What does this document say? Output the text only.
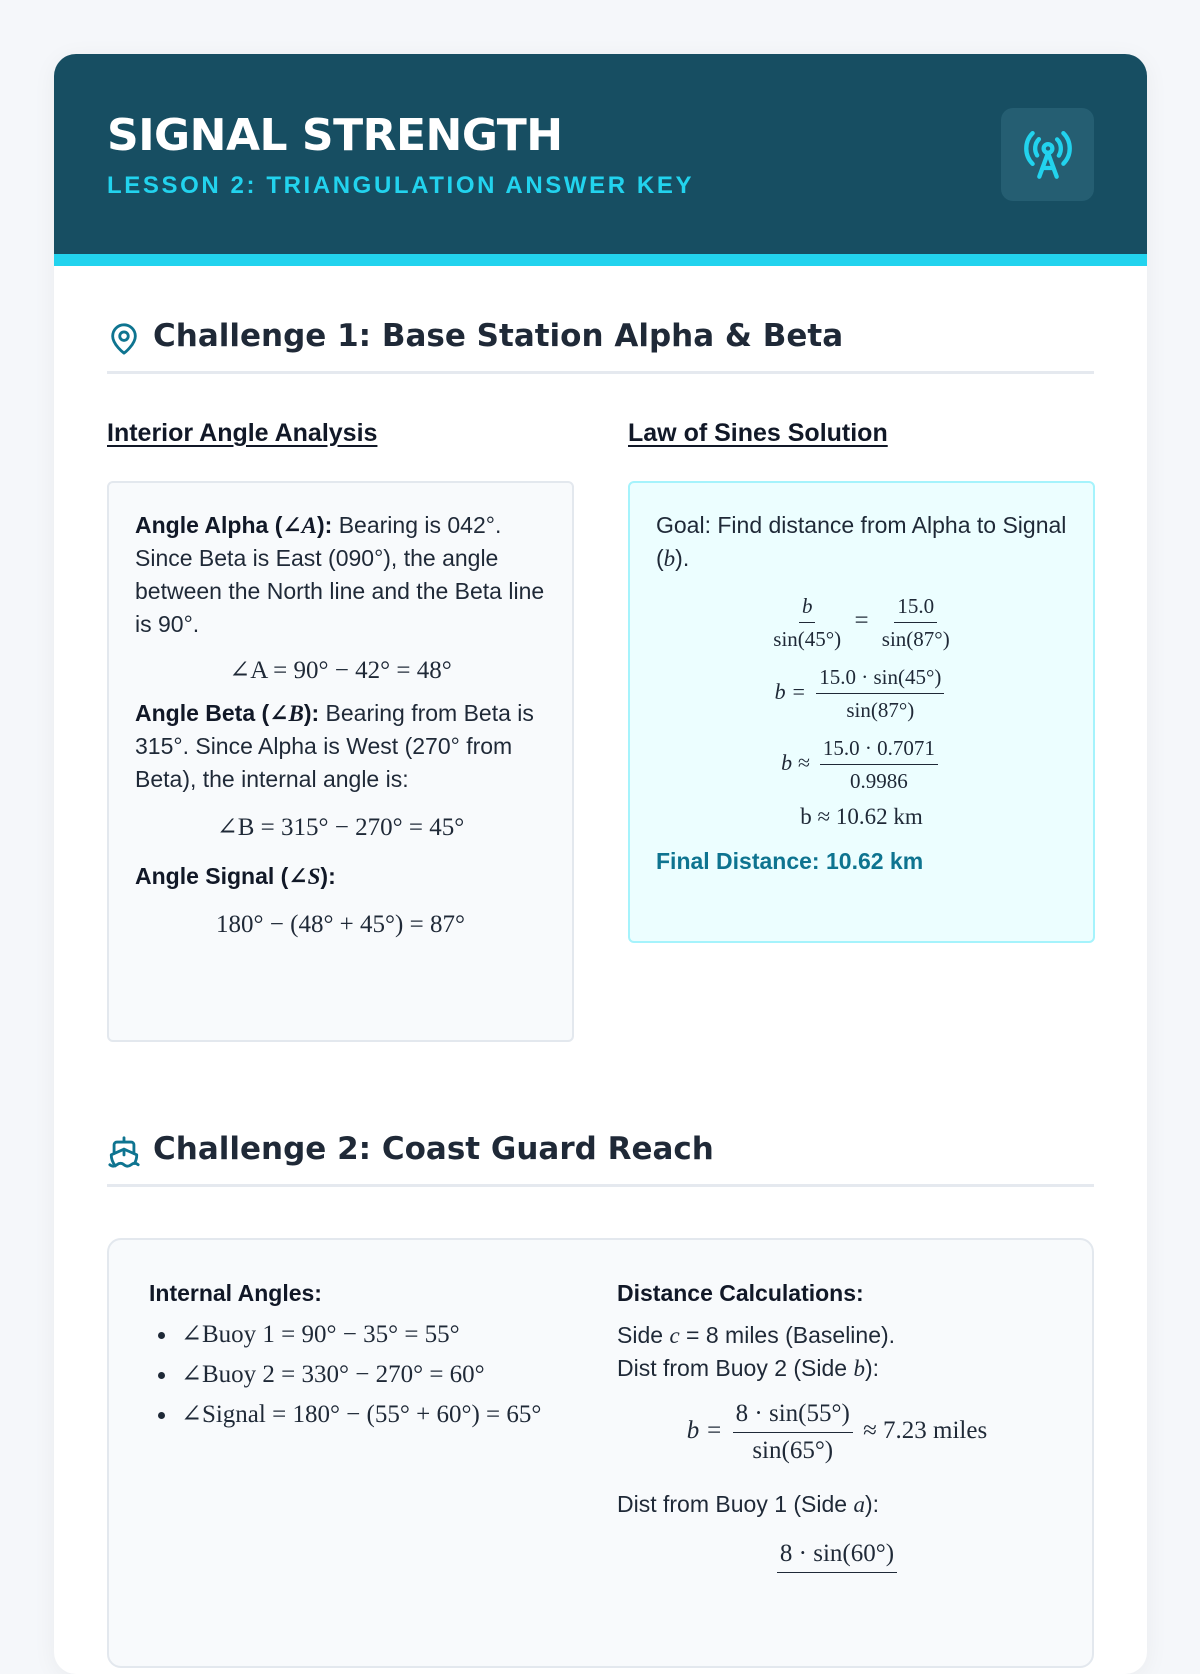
SIGNAL STRENGTH
LESSON 2: TRIANGULATION ANSWER KEY
Challenge 1: Base Station Alpha & Beta
Interior Angle Analysis
Angle Alpha (∠A): Bearing is 042°. Since Beta is East (090°), the angle between the North line and the Beta line is 90°.
∠A = 90° − 42° = 48°
Angle Beta (∠B): Bearing from Beta is 315°. Since Alpha is West (270° from Beta), the internal angle is:
∠B = 315° − 270° = 45°
Angle Signal (∠S):
180° − (48° + 45°) = 87°
Law of Sines Solution
Goal: Find distance from Alpha to Signal (b).
$\frac{b}{\sin(45^\circ)} = \frac{15.0}{\sin(87^\circ)}$
$b = \frac{15.0 \cdot \sin(45^\circ)}{\sin(87^\circ)}$
$b \approx \frac{15.0 \cdot 0.7071}{0.9986}$
b ≈ 10.62 km
Final Distance: 10.62 km
Challenge 2: Coast Guard Reach
Internal Angles:
∠Buoy 1 = 90° − 35° = 55°
∠Buoy 2 = 330° − 270° = 60°
∠Signal = 180° − (55° + 60°) = 65°
Distance Calculations:
Side c = 8 miles (Baseline).
Dist from Buoy 2 (Side b):
$b = \frac{8 \cdot \sin(55^\circ)}{\sin(65^\circ)} \approx 7.23$ miles
Dist from Buoy 1 (Side a):
8 · sin(60°)
